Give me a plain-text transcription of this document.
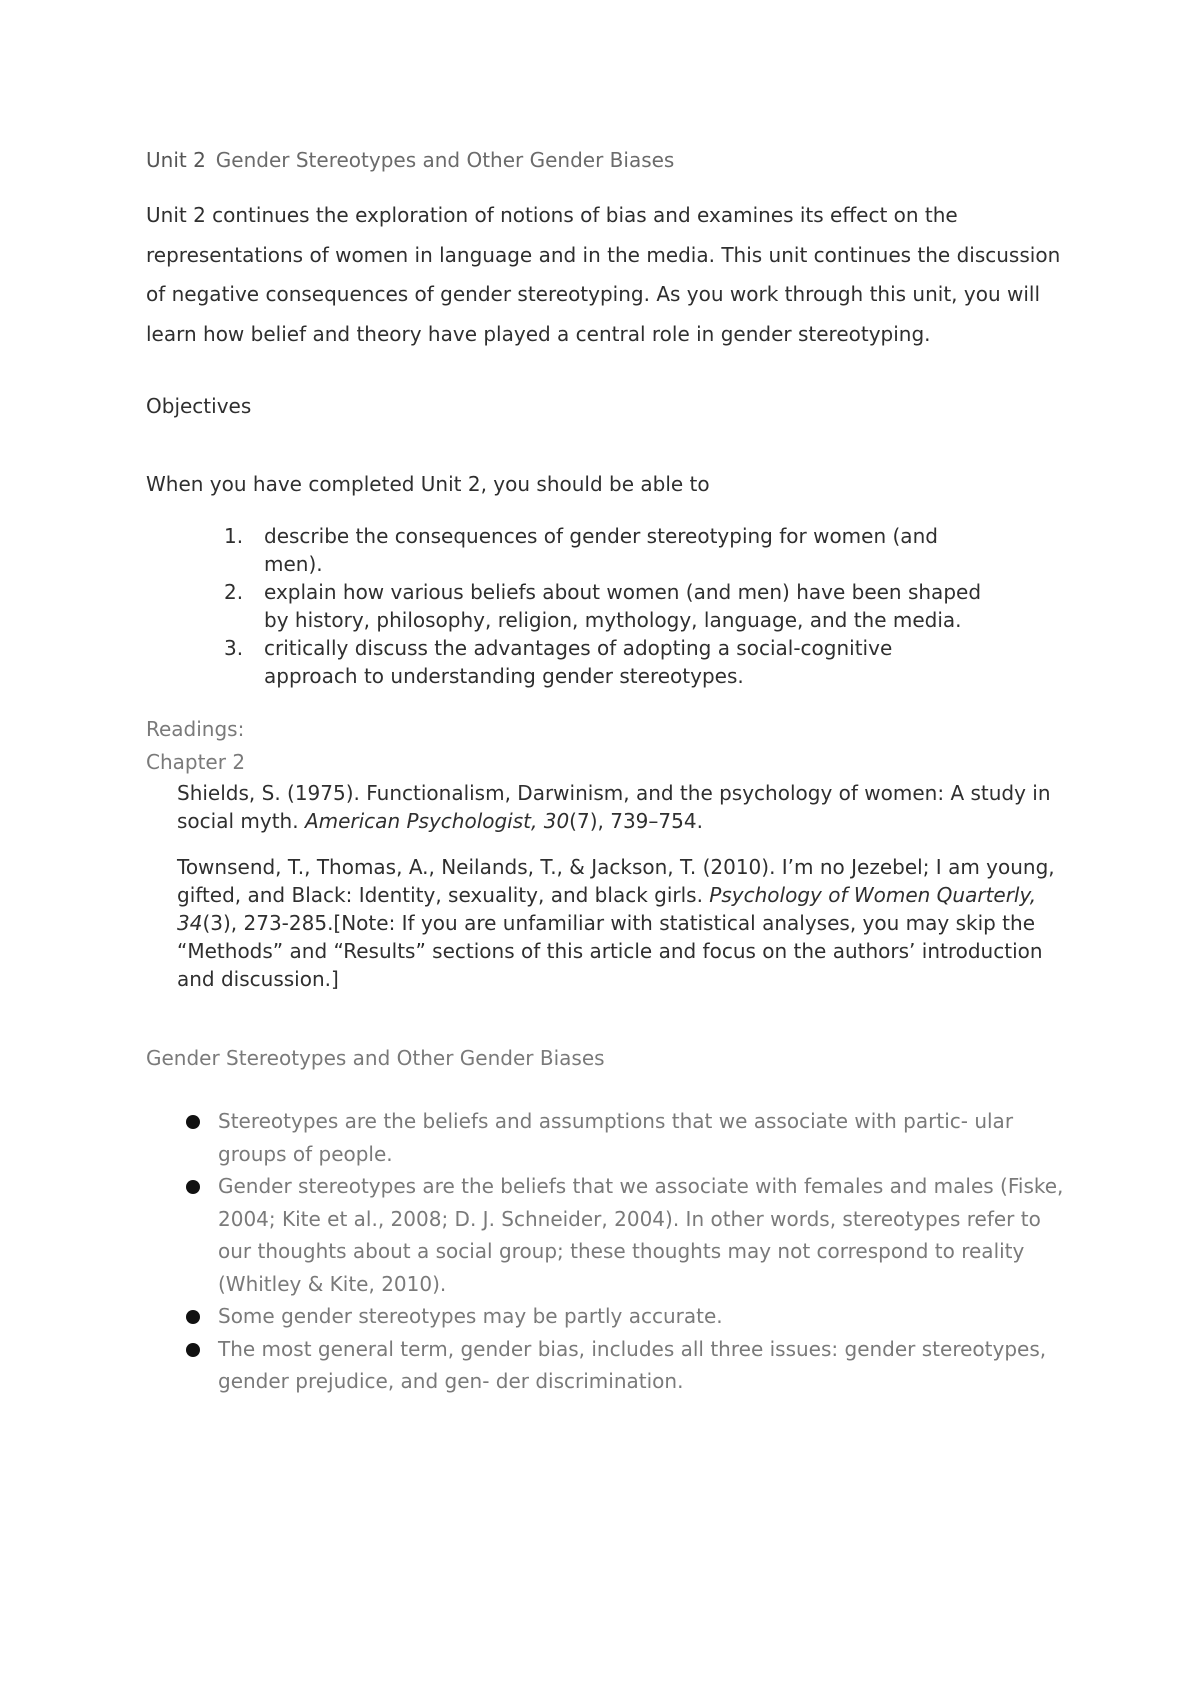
Unit 2 Gender Stereotypes and Other Gender Biases
Unit 2 continues the exploration of notions of bias and examines its effect on the
representations of women in language and in the media. This unit continues the discussion
of negative consequences of gender stereotyping. As you work through this unit, you will
learn how belief and theory have played a central role in gender stereotyping.
Objectives
When you have completed Unit 2, you should be able to
1. describe the consequences of gender stereotyping for women (and
men).
2. explain how various beliefs about women (and men) have been shaped
by history, philosophy, religion, mythology, language, and the media.
3. critically discuss the advantages of adopting a social-cognitive
approach to understanding gender stereotypes.
Readings:
Chapter 2
Shields, S. (1975). Functionalism, Darwinism, and the psychology of women: A study in
social myth. American Psychologist, 30(7), 739–754.
Townsend, T., Thomas, A., Neilands, T., & Jackson, T. (2010). I’m no Jezebel; I am young,
gifted, and Black: Identity, sexuality, and black girls. Psychology of Women Quarterly,
34(3), 273-285.[Note: If you are unfamiliar with statistical analyses, you may skip the
“Methods” and “Results” sections of this article and focus on the authors’ introduction
and discussion.]
Gender Stereotypes and Other Gender Biases
Stereotypes are the beliefs and assumptions that we associate with partic- ular
groups of people.
Gender stereotypes are the beliefs that we associate with females and males (Fiske,
2004; Kite et al., 2008; D. J. Schneider, 2004). In other words, stereotypes refer to
our thoughts about a social group; these thoughts may not correspond to reality
(Whitley & Kite, 2010).
Some gender stereotypes may be partly accurate.
The most general term, gender bias, includes all three issues: gender stereotypes,
gender prejudice, and gen- der discrimination.
